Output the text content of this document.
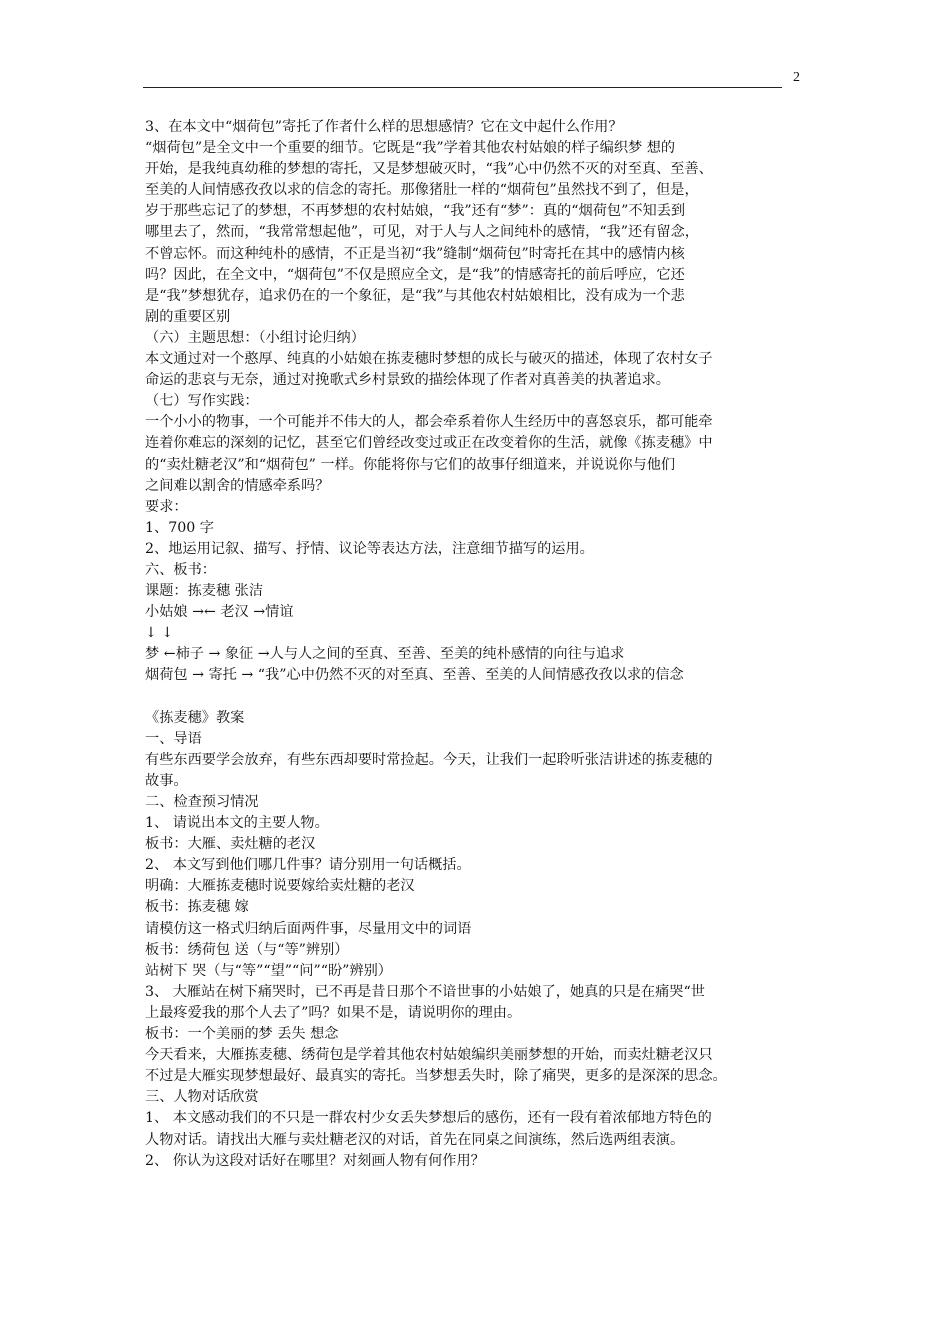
2
3、在本文中“烟荷包”寄托了作者什么样的思想感情？它在文中起什么作用？
“烟荷包”是全文中一个重要的细节。它既是“我”学着其他农村姑娘的样子编织梦 想的
开始，是我纯真幼稚的梦想的寄托，又是梦想破灭时，“我”心中仍然不灭的对至真、至善、
至美的人间情感孜孜以求的信念的寄托。那像猪肚一样的“烟荷包”虽然找不到了，但是，
岁于那些忘记了的梦想，不再梦想的农村姑娘，“我”还有“梦”：真的“烟荷包”不知丢到
哪里去了，然而，“我常常想起他”，可见，对于人与人之间纯朴的感情，“我”还有留念，
不曾忘怀。而这种纯朴的感情，不正是当初“我”缝制“烟荷包”时寄托在其中的感情内核
吗？因此，在全文中，“烟荷包”不仅是照应全文，是“我”的情感寄托的前后呼应，它还
是“我”梦想犹存，追求仍在的一个象征，是“我”与其他农村姑娘相比，没有成为一个悲
剧的重要区别
（六）主题思想：（小组讨论归纳）
本文通过对一个憨厚、纯真的小姑娘在拣麦穗时梦想的成长与破灭的描述，体现了农村女子
命运的悲哀与无奈，通过对挽歌式乡村景致的描绘体现了作者对真善美的执著追求。
（七）写作实践：
一个小小的物事，一个可能并不伟大的人，都会牵系着你人生经历中的喜怒哀乐，都可能牵
连着你难忘的深刻的记忆，甚至它们曾经改变过或正在改变着你的生活，就像《拣麦穗》中
的“卖灶糖老汉”和“烟荷包” 一样。你能将你与它们的故事仔细道来，并说说你与他们
之间难以割舍的情感牵系吗？
要求：
1、700 字
2、地运用记叙、描写、抒情、议论等表达方法，注意细节描写的运用。
六、板书：
课题：拣麦穗 张洁
小姑娘 →← 老汉 →情谊
↓ ↓
梦 ←柿子 → 象征 →人与人之间的至真、至善、至美的纯朴感情的向往与追求
烟荷包 → 寄托 → “我”心中仍然不灭的对至真、至善、至美的人间情感孜孜以求的信念
《拣麦穗》教案
一、导语
有些东西要学会放弃，有些东西却要时常捡起。今天，让我们一起聆听张洁讲述的拣麦穗的
故事。
二、检查预习情况
1、 请说出本文的主要人物。
板书：大雁、卖灶糖的老汉
2、 本文写到他们哪几件事？请分别用一句话概括。
明确：大雁拣麦穗时说要嫁给卖灶糖的老汉
板书：拣麦穗 嫁
请模仿这一格式归纳后面两件事，尽量用文中的词语
板书：绣荷包 送（与“等”辨别）
站树下 哭（与“等”“望”“问”“盼”辨别）
3、 大雁站在树下痛哭时，已不再是昔日那个不谙世事的小姑娘了，她真的只是在痛哭“世
上最疼爱我的那个人去了”吗？如果不是，请说明你的理由。
板书：一个美丽的梦 丢失 想念
今天看来，大雁拣麦穗、绣荷包是学着其他农村姑娘编织美丽梦想的开始，而卖灶糖老汉只
不过是大雁实现梦想最好、最真实的寄托。当梦想丢失时，除了痛哭，更多的是深深的思念。
三、人物对话欣赏
1、 本文感动我们的不只是一群农村少女丢失梦想后的感伤，还有一段有着浓郁地方特色的
人物对话。请找出大雁与卖灶糖老汉的对话，首先在同桌之间演练，然后选两组表演。
2、 你认为这段对话好在哪里？对刻画人物有何作用？
